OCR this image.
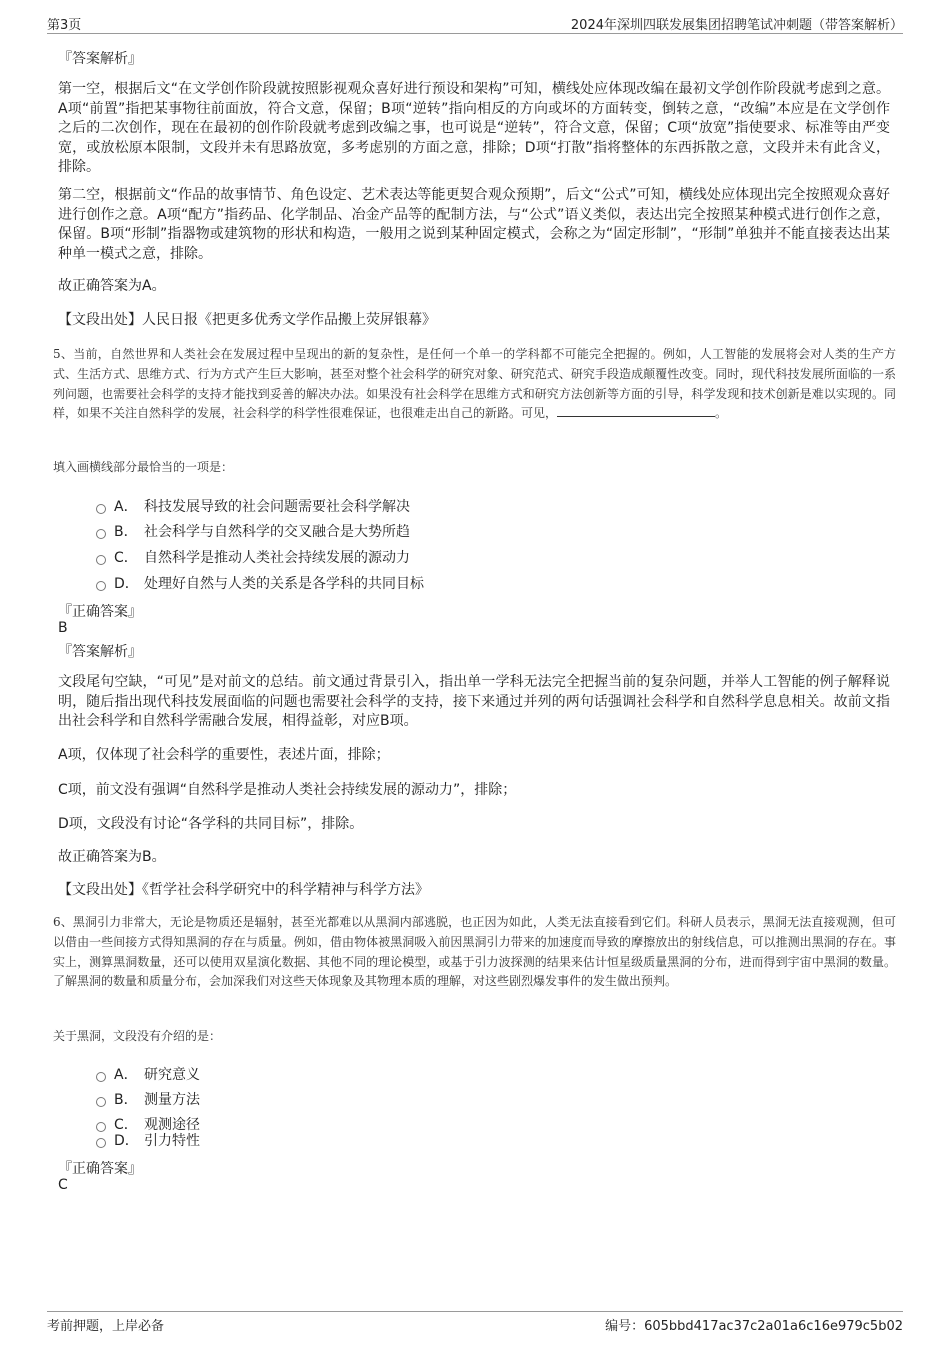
第3页	2024年深圳四联发展集团招聘笔试冲刺题（带答案解析）
『答案解析』
第一空，根据后文“在文学创作阶段就按照影视观众喜好进行预设和架构”可知，横线处应体现改编在最初文学创作阶段就考虑到之意。A项“前置”指把某事物往前面放，符合文意，保留；B项“逆转”指向相反的方向或坏的方面转变，倒转之意，“改编”本应是在文学创作之后的二次创作，现在在最初的创作阶段就考虑到改编之事，也可说是“逆转”，符合文意，保留；C项“放宽”指使要求、标准等由严变宽，或放松原本限制，文段并未有思路放宽，多考虑别的方面之意，排除；D项“打散”指将整体的东西拆散之意，文段并未有此含义，排除。
第二空，根据前文“作品的故事情节、角色设定、艺术表达等能更契合观众预期”，后文“公式”可知，横线处应体现出完全按照观众喜好进行创作之意。A项“配方”指药品、化学制品、冶金产品等的配制方法，与“公式”语义类似，表达出完全按照某种模式进行创作之意，保留。B项“形制”指器物或建筑物的形状和构造，一般用之说到某种固定模式，会称之为“固定形制”，“形制”单独并不能直接表达出某种单一模式之意，排除。
故正确答案为A。
【文段出处】人民日报《把更多优秀文学作品搬上荧屏银幕》
5、当前，自然世界和人类社会在发展过程中呈现出的新的复杂性，是任何一个单一的学科都不可能完全把握的。例如，人工智能的发展将会对人类的生产方式、生活方式、思维方式、行为方式产生巨大影响，甚至对整个社会科学的研究对象、研究范式、研究手段造成颠覆性改变。同时，现代科技发展所面临的一系列问题，也需要社会科学的支持才能找到妥善的解决办法。如果没有社会科学在思维方式和研究方法创新等方面的引导，科学发现和技术创新是难以实现的。同样，如果不关注自然科学的发展，社会科学的科学性很难保证，也很难走出自己的新路。可见，	。
填入画横线部分最恰当的一项是：
A． 科技发展导致的社会问题需要社会科学解决
B． 社会科学与自然科学的交叉融合是大势所趋
C． 自然科学是推动人类社会持续发展的源动力
D． 处理好自然与人类的关系是各学科的共同目标
『正确答案』
B
『答案解析』
文段尾句空缺，“可见”是对前文的总结。前文通过背景引入，指出单一学科无法完全把握当前的复杂问题，并举人工智能的例子解释说明，随后指出现代科技发展面临的问题也需要社会科学的支持，接下来通过并列的两句话强调社会科学和自然科学息息相关。故前文指出社会科学和自然科学需融合发展，相得益彰，对应B项。
A项，仅体现了社会科学的重要性，表述片面，排除；
C项，前文没有强调“自然科学是推动人类社会持续发展的源动力”，排除；
D项，文段没有讨论“各学科的共同目标”，排除。
故正确答案为B。
【文段出处】《哲学社会科学研究中的科学精神与科学方法》
6、黑洞引力非常大，无论是物质还是辐射，甚至光都难以从黑洞内部逃脱，也正因为如此，人类无法直接看到它们。科研人员表示，黑洞无法直接观测，但可以借由一些间接方式得知黑洞的存在与质量。例如，借由物体被黑洞吸入前因黑洞引力带来的加速度而导致的摩擦放出的射线信息，可以推测出黑洞的存在。事实上，测算黑洞数量，还可以使用双星演化数据、其他不同的理论模型，或基于引力波探测的结果来估计恒星级质量黑洞的分布，进而得到宇宙中黑洞的数量。了解黑洞的数量和质量分布，会加深我们对这些天体现象及其物理本质的理解，对这些剧烈爆发事件的发生做出预判。
关于黑洞，文段没有介绍的是：
A． 研究意义
B． 测量方法
C． 观测途径
D． 引力特性
『正确答案』
C
考前押题，上岸必备	编号：605bbd417ac37c2a01a6c16e979c5b02
